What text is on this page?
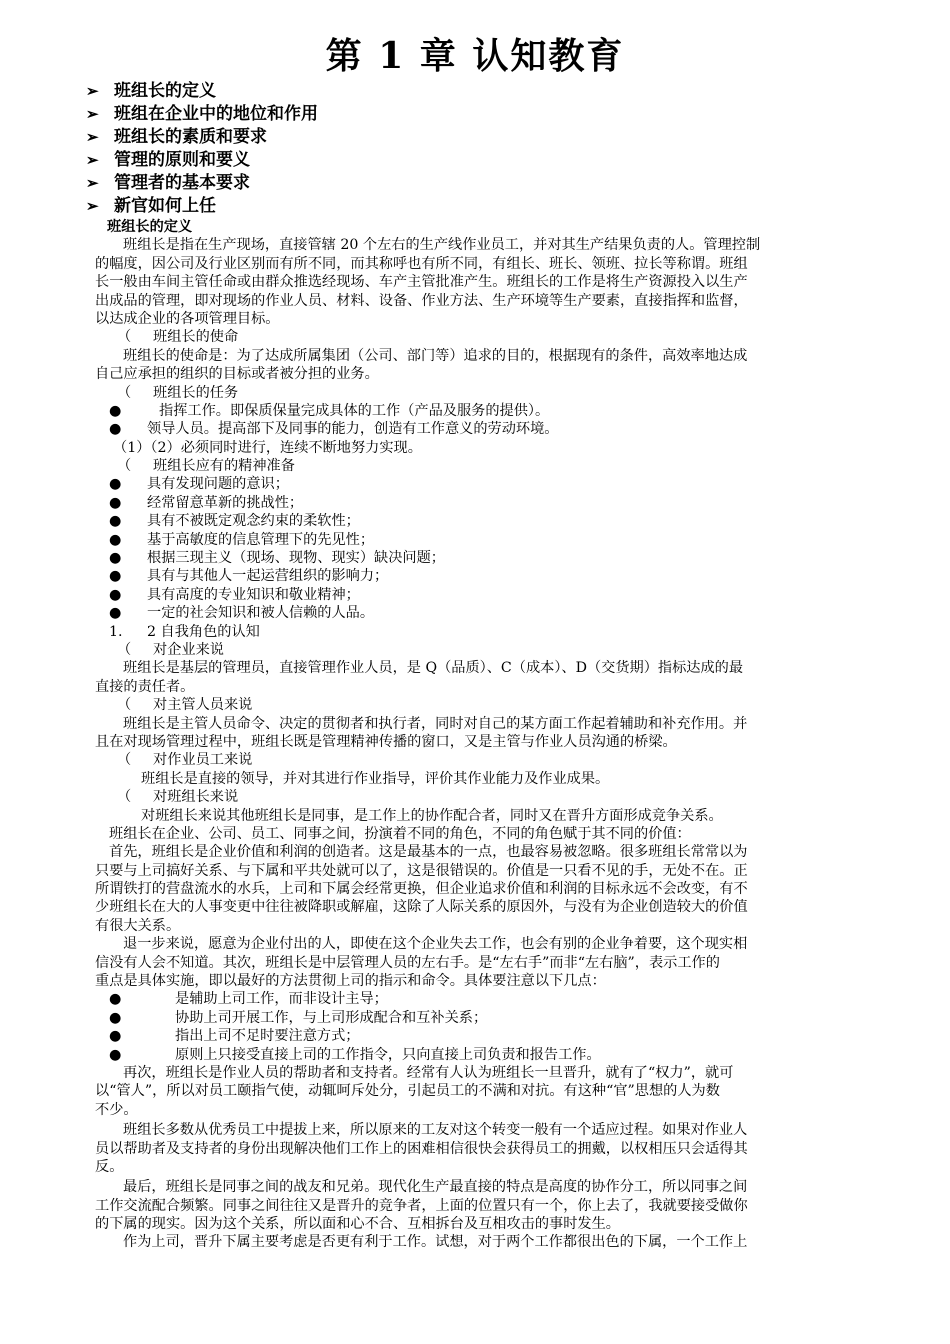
第 1 章 认知教育
➢ 班组长的定义
➢ 班组在企业中的地位和作用
➢ 班组长的素质和要求
➢ 管理的原则和要义
➢ 管理者的基本要求
➢ 新官如何上任
班组长的定义
班组长是指在生产现场，直接管辖 20 个左右的生产线作业员工，并对其生产结果负责的人。管理控制
的幅度，因公司及行业区别而有所不同，而其称呼也有所不同，有组长、班长、领班、拉长等称谓。班组
长一般由车间主管任命或由群众推选经现场、车产主管批准产生。班组长的工作是将生产资源投入以生产
出成品的管理，即对现场的作业人员、材料、设备、作业方法、生产环境等生产要素，直接指挥和监督，
以达成企业的各项管理目标。
（ 班组长的使命
班组长的使命是：为了达成所属集团（公司、部门等）追求的目的，根据现有的条件，高效率地达成
自己应承担的组织的目标或者被分担的业务。
（ 班组长的任务
●	指挥工作。即保质保量完成具体的工作（产品及服务的提供）。
● 领导人员。提高部下及同事的能力，创造有工作意义的劳动环境。
（1）（2）必须同时进行，连续不断地努力实现。
（ 班组长应有的精神准备
● 具有发现问题的意识；
● 经常留意革新的挑战性；
● 具有不被既定观念约束的柔软性；
● 基于高敏度的信息管理下的先见性；
● 根据三现主义（现场、现物、现实）缺决问题；
● 具有与其他人一起运营组织的影响力；
● 具有高度的专业知识和敬业精神；
● 一定的社会知识和被人信赖的人品。
1. 2 自我角色的认知
（ 对企业来说
班组长是基层的管理员，直接管理作业人员，是 Q（品质）、C（成本）、D（交货期）指标达成的最
直接的责任者。
（ 对主管人员来说
班组长是主管人员命令、决定的贯彻者和执行者，同时对自己的某方面工作起着辅助和补充作用。并
且在对现场管理过程中，班组长既是管理精神传播的窗口，又是主管与作业人员沟通的桥梁。
（ 对作业员工来说
班组长是直接的领导，并对其进行作业指导，评价其作业能力及作业成果。
（ 对班组长来说
对班组长来说其他班组长是同事，是工作上的协作配合者，同时又在晋升方面形成竞争关系。
班组长在企业、公司、员工、同事之间，扮演着不同的角色，不同的角色赋于其不同的价值：
首先，班组长是企业价值和利润的创造者。这是最基本的一点，也最容易被忽略。很多班组长常常以为
只要与上司搞好关系、与下属和平共处就可以了，这是很错误的。价值是一只看不见的手，无处不在。正
所谓铁打的营盘流水的水兵，上司和下属会经常更换，但企业追求价值和利润的目标永远不会改变，有不
少班组长在大的人事变更中往往被降职或解雇，这除了人际关系的原因外，与没有为企业创造较大的价值
有很大关系。
退一步来说，愿意为企业付出的人，即使在这个企业失去工作，也会有别的企业争着要，这个现实相
信没有人会不知道。其次，班组长是中层管理人员的左右手。是“左右手”而非“左右脑”，表示工作的
重点是具体实施，即以最好的方法贯彻上司的指示和命令。具体要注意以下几点：
●	是辅助上司工作，而非设计主导；
●	协助上司开展工作，与上司形成配合和互补关系；
●	指出上司不足时要注意方式；
●	原则上只接受直接上司的工作指令，只向直接上司负责和报告工作。
再次，班组长是作业人员的帮助者和支持者。经常有人认为班组长一旦晋升，就有了“权力”，就可
以“管人”，所以对员工颐指气使，动辄呵斥处分，引起员工的不满和对抗。有这种“官”思想的人为数
不少。
班组长多数从优秀员工中提拔上来，所以原来的工友对这个转变一般有一个适应过程。如果对作业人
员以帮助者及支持者的身份出现解决他们工作上的困难相信很快会获得员工的拥戴，以权相压只会适得其
反。
最后，班组长是同事之间的战友和兄弟。现代化生产最直接的特点是高度的协作分工，所以同事之间
工作交流配合频繁。同事之间往往又是晋升的竞争者，上面的位置只有一个，你上去了，我就要接受做你
的下属的现实。因为这个关系，所以面和心不合、互相拆台及互相攻击的事时发生。
作为上司，晋升下属主要考虑是否更有利于工作。试想，对于两个工作都很出色的下属，一个工作上
